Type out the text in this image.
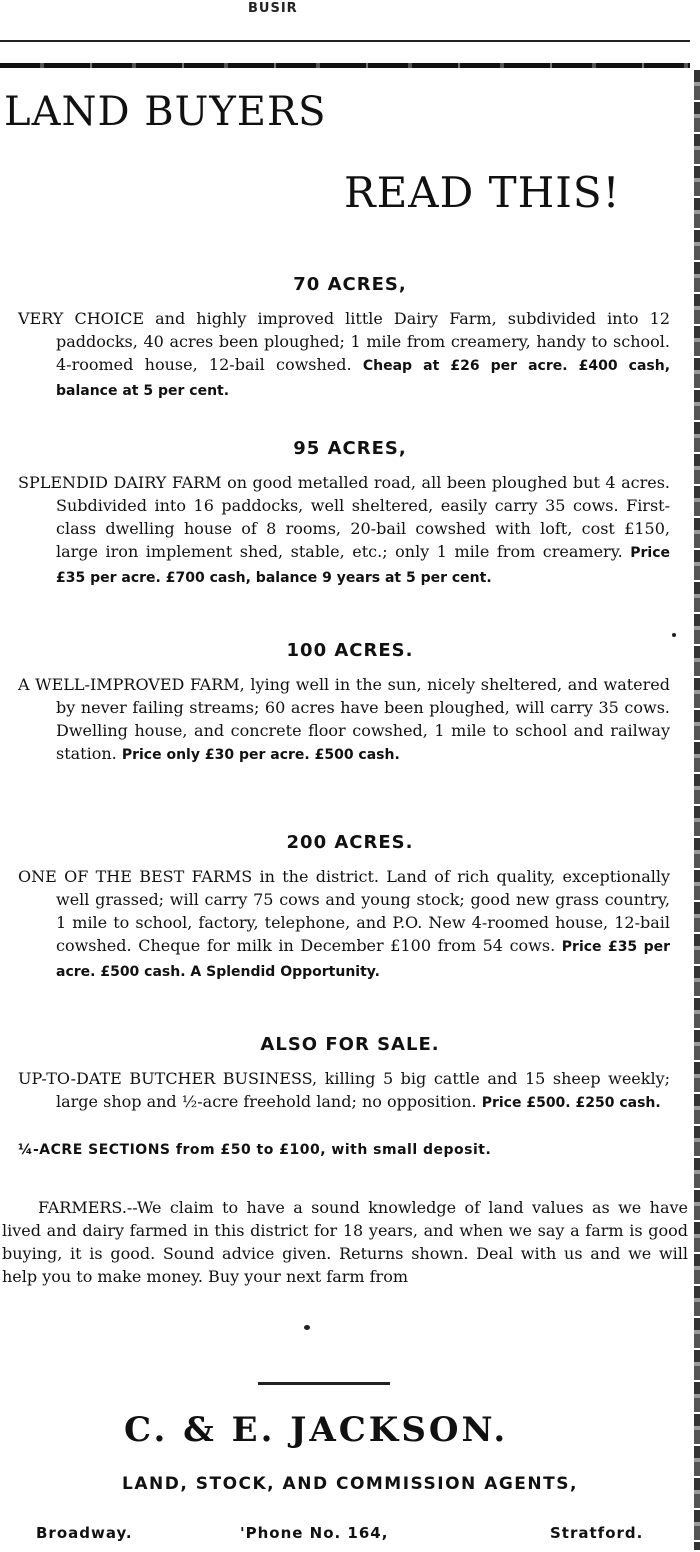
BUSIR
LAND BUYERS
READ THIS!
70 ACRES,
VERY CHOICE and highly improved little Dairy Farm, subdivided into 12 paddocks, 40 acres been ploughed; 1 mile from creamery, handy to school. 4-roomed house, 12-bail cowshed. Cheap at £26 per acre. £400 cash, balance at 5 per cent.
95 ACRES,
SPLENDID DAIRY FARM on good metalled road, all been ploughed but 4 acres. Subdivided into 16 paddocks, well sheltered, easily carry 35 cows. First-class dwelling house of 8 rooms, 20-bail cowshed with loft, cost £150, large iron implement shed, stable, etc.; only 1 mile from creamery. Price £35 per acre. £700 cash, balance 9 years at 5 per cent.
100 ACRES.
A WELL-IMPROVED FARM, lying well in the sun, nicely sheltered, and watered by never failing streams; 60 acres have been ploughed, will carry 35 cows. Dwelling house, and concrete floor cowshed, 1 mile to school and railway station. Price only £30 per acre. £500 cash.
200 ACRES.
ONE OF THE BEST FARMS in the district. Land of rich quality, exceptionally well grassed; will carry 75 cows and young stock; good new grass country, 1 mile to school, factory, telephone, and P.O. New 4-roomed house, 12-bail cowshed. Cheque for milk in December £100 from 54 cows. Price £35 per acre. £500 cash. A Splendid Opportunity.
ALSO FOR SALE.
UP-TO-DATE BUTCHER BUSINESS, killing 5 big cattle and 15 sheep weekly; large shop and ½-acre freehold land; no opposition. Price £500. £250 cash.
¼-ACRE SECTIONS from £50 to £100, with small deposit.
FARMERS.--We claim to have a sound knowledge of land values as we have lived and dairy farmed in this district for 18 years, and when we say a farm is good buying, it is good. Sound advice given. Returns shown. Deal with us and we will help you to make money. Buy your next farm from
C. & E. JACKSON.
LAND, STOCK, AND COMMISSION AGENTS,
Broadway.	'Phone No. 164,	Stratford.
